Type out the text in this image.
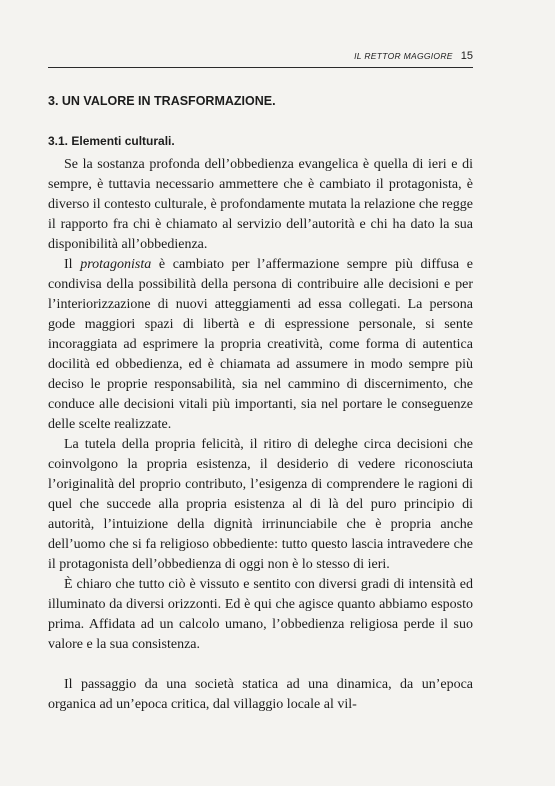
IL RETTOR MAGGIORE 15
3. UN VALORE IN TRASFORMAZIONE.
3.1. Elementi culturali.

Se la sostanza profonda dell’obbedienza evangelica è quella di ieri e di sempre, è tuttavia necessario ammettere che è cambiato il protagonista, è diverso il contesto culturale, è profondamente mutata la relazione che regge il rapporto fra chi è chiamato al servizio dell’autorità e chi ha dato la sua disponibilità all’obbedienza.

Il protagonista è cambiato per l’affermazione sempre più diffusa e condivisa della possibilità della persona di contribuire alle decisioni e per l’interiorizzazione di nuovi atteggiamenti ad essa collegati. La persona gode maggiori spazi di libertà e di espressione personale, si sente incoraggiata ad esprimere la propria creatività, come forma di autentica docilità ed obbedienza, ed è chiamata ad assumere in modo sempre più deciso le proprie responsabilità, sia nel cammino di discernimento, che conduce alle decisioni vitali più importanti, sia nel portare le conseguenze delle scelte realizzate.

La tutela della propria felicità, il ritiro di deleghe circa decisioni che coinvolgono la propria esistenza, il desiderio di vedere riconosciuta l’originalità del proprio contributo, l’esigenza di comprendere le ragioni di quel che succede alla propria esistenza al di là del puro principio di autorità, l’intuizione della dignità irrinunciabile che è propria anche dell’uomo che si fa religioso obbediente: tutto questo lascia intravedere che il protagonista dell’obbedienza di oggi non è lo stesso di ieri.

È chiaro che tutto ciò è vissuto e sentito con diversi gradi di intensità ed illuminato da diversi orizzonti. Ed è qui che agisce quanto abbiamo esposto prima. Affidata ad un calcolo umano, l’obbedienza religiosa perde il suo valore e la sua consistenza.

Il passaggio da una società statica ad una dinamica, da un’epoca organica ad un’epoca critica, dal villaggio locale al vil-
